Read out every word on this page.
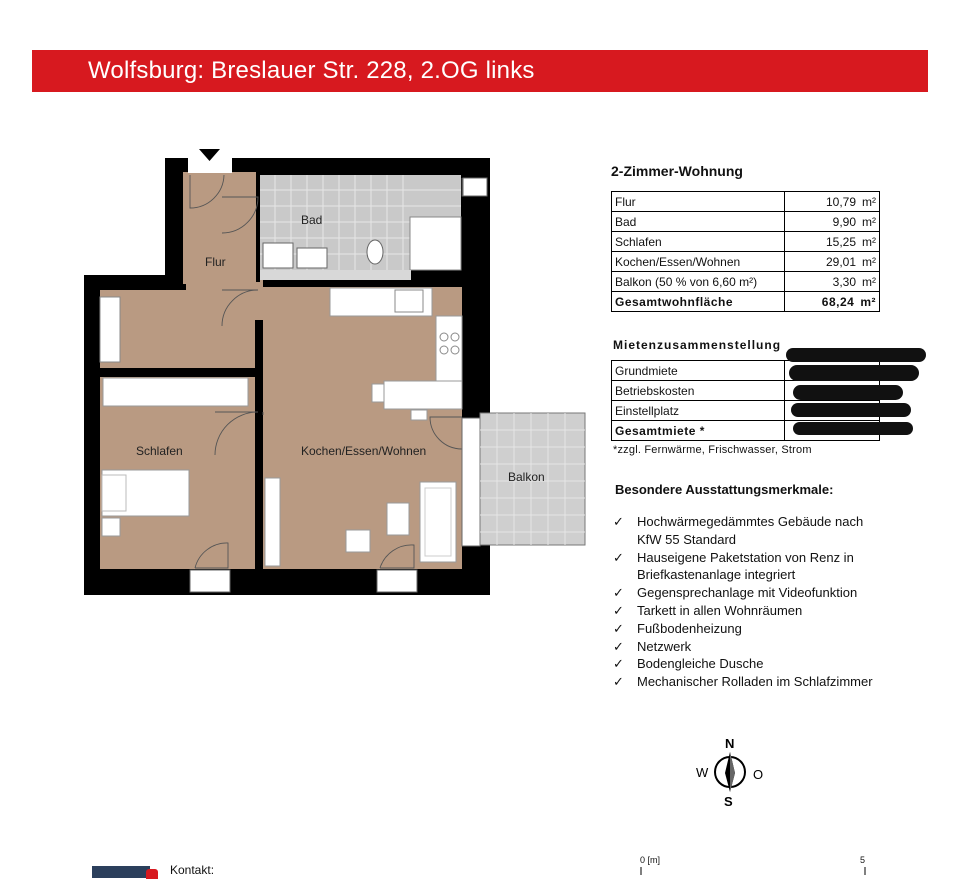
Wolfsburg: Breslauer Str. 228, 2.OG links
Bad
Flur
Schlafen	Kochen/Essen/Wohnen
Balkon
2-Zimmer-Wohnung
Flur	10,79 m²
Bad	9,90 m²
Schlafen	15,25 m²
Kochen/Essen/Wohnen	29,01 m²
Balkon (50 % von 6,60 m²)	3,30 m²
Gesamtwohnfläche	68,24 m²
Mietenzusammenstellung
Grundmiete	
Betriebskosten	
Einstellplatz	
Gesamtmiete *	
*zzgl. Fernwärme, Frischwasser, Strom
Besondere Ausstattungsmerkmale:
✓ Hochwärmegedämmtes Gebäude nach
KfW 55 Standard
✓ Hauseigene Paketstation von Renz in
Briefkastenanlage integriert
✓ Gegensprechanlage mit Videofunktion
✓ Tarkett in allen Wohnräumen
✓ Fußbodenheizung
✓ Netzwerk
✓ Bodengleiche Dusche
✓ Mechanischer Rolladen im Schlafzimmer
N
W	O
S
Kontakt:
0 [m]	5
